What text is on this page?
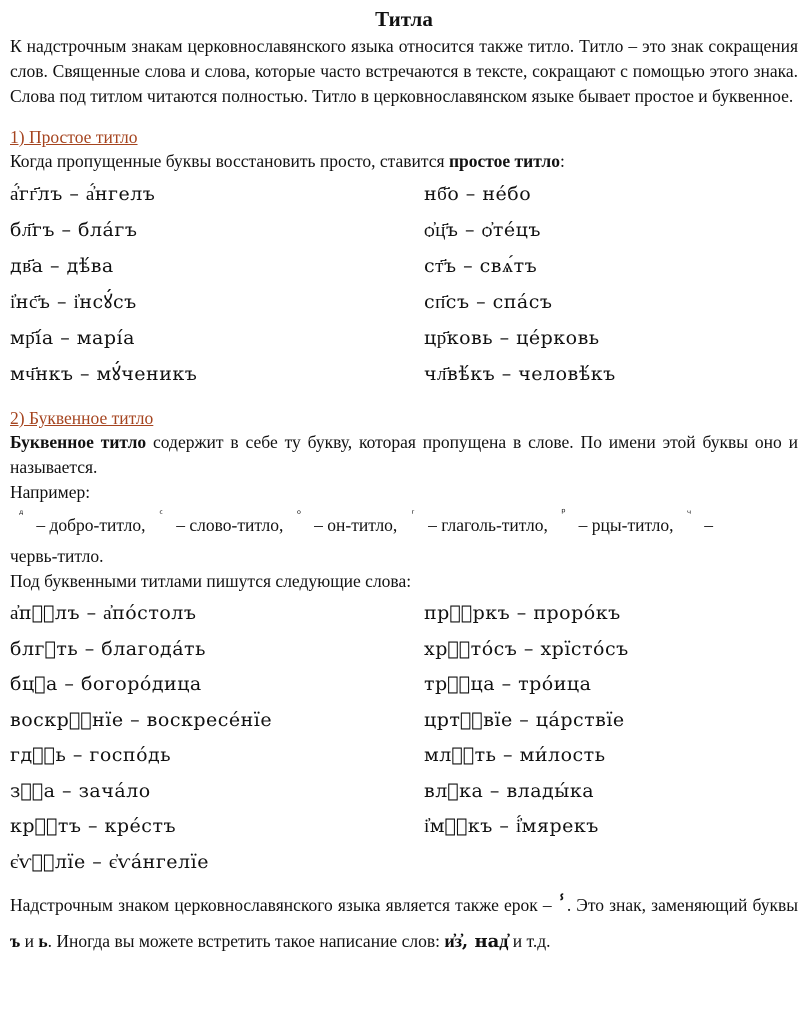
Титла

К надстрочным знакам церковнославянского языка относится также титло. Титло – это знак сокращения слов. Священные слова и слова, которые часто встречаются в тексте, сокращают с помощью этого знака. Слова под титлом читаются полностью. Титло в церковнославянском языке бывает простое и буквенное.

1) Простое титло

Когда пропущенные буквы восстановить просто, ставится простое титло:

а҆́гг҃лъ – а҆́нгелъ	нб҃о – не́бо
бл҃гъ – бла́гъ	ѻ҆ц҃ъ – ѻ҆те́цъ
дв҃а – дѣ́ва	ст҃ъ – свѧ́тъ
і҆нс҃ъ – і҆нсꙋ́съ	сп҃съ – спа́съ
мр҃і́а – марі́а	цр҃ковь – це́рковь
мч҃нкъ – мꙋ́ченикъ	чл҃вѣ́къ – человѣ́къ
2) Буквенное титло

Буквенное титло содержит в себе ту букву, которая пропущена в слове. По имени этой буквы оно и называется.

Например:

– добро-титло, – слово-титло, – он-титло, – глаголь-титло, – рцы-титло, –

червь-титло.

Под буквенными титлами пишутся следующие слова:

а҆пⷭ҇лъ – а҆по́столъ	прⷪ҇ркъ – проро́къ
блгⷣть – благода́ть	хрⷭ҇то́съ – хрїсто́съ
бцⷣа – богоро́дица	трⷪ҇ца – тро́ица
воскрⷭ҇нїе – воскресе́нїе	цртⷭ҇вїе – ца́рствїе
гдⷭ҇ь – госпо́дь	млⷭ҇ть – ми́лость
зⷱ҇а – зача́ло	влⷣка – влады́ка
крⷭ҇тъ – кре́стъ	і҆мⷬ҇къ – і҆́мярекъ
є҆ѵⷢ҇лїе – є҆ѵа́нгелїе

Надстрочным знаком церковнославянского языка является также ерок – ⸯ. Это знак, заменяющий буквы ъ и ь. Иногда вы можете встретить такое написание слов: и҆з҆, над҆ и т.д.
